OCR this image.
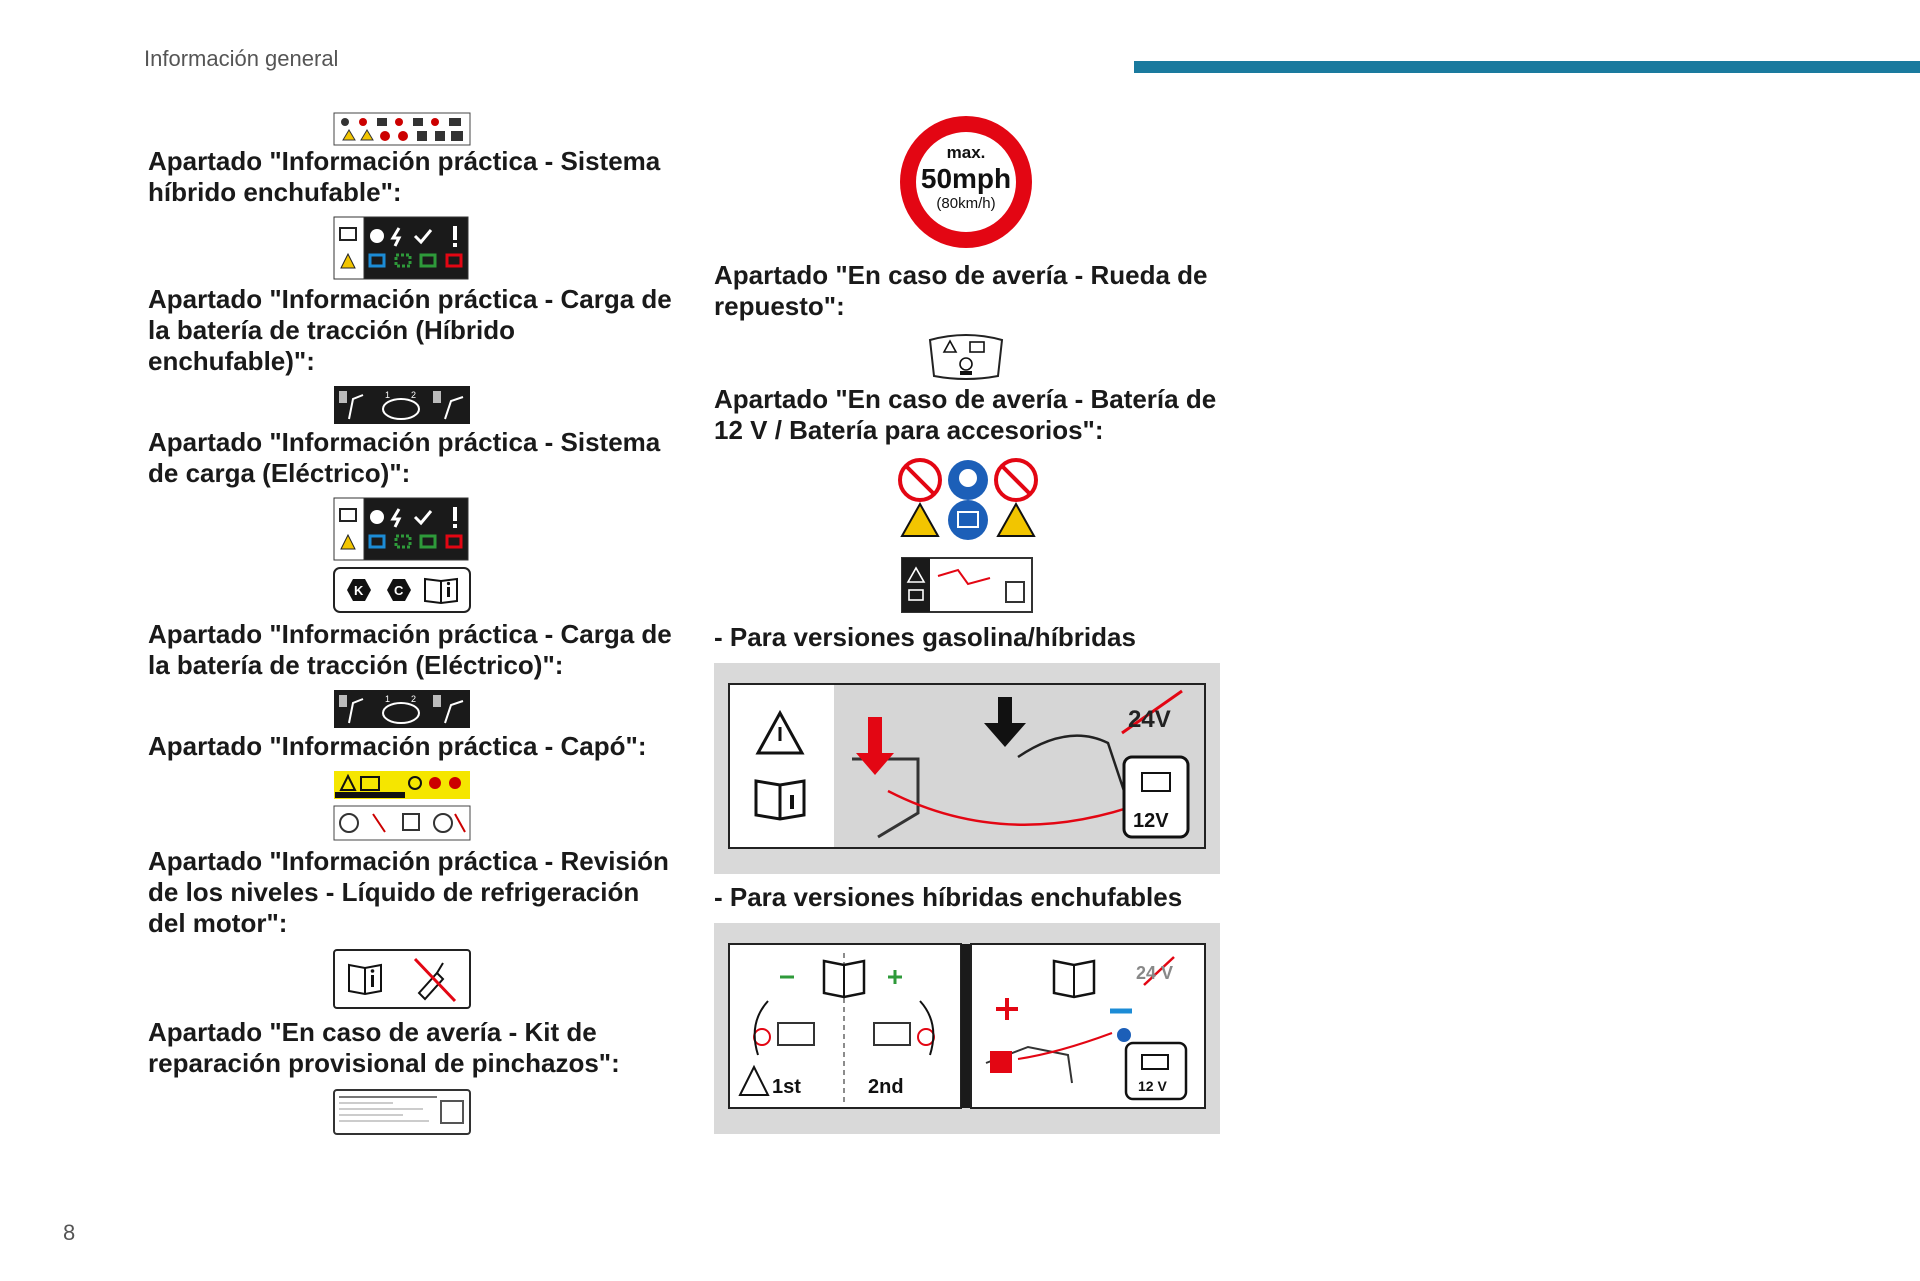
Información general

Apartado "Información práctica - Sistema híbrido enchufable":

Apartado "Información práctica - Carga de la batería de tracción (Híbrido enchufable)":

1 2

Apartado "Información práctica - Sistema de carga (Eléctrico)":

K C

Apartado "Información práctica - Carga de la batería de tracción (Eléctrico)":

1 2

Apartado "Información práctica - Capó":

Apartado "Información práctica - Revisión de los niveles - Líquido de refrigeración del motor":

Apartado "En caso de avería - Kit de reparación provisional de pinchazos":

max.
50mph
(80km/h)

Apartado "En caso de avería - Rueda de repuesto":

Apartado "En caso de avería - Batería de 12 V / Batería para accesorios":

- Para versiones gasolina/híbridas

24V
12V

- Para versiones híbridas enchufables

1st	2nd
24 V
12 V
8
